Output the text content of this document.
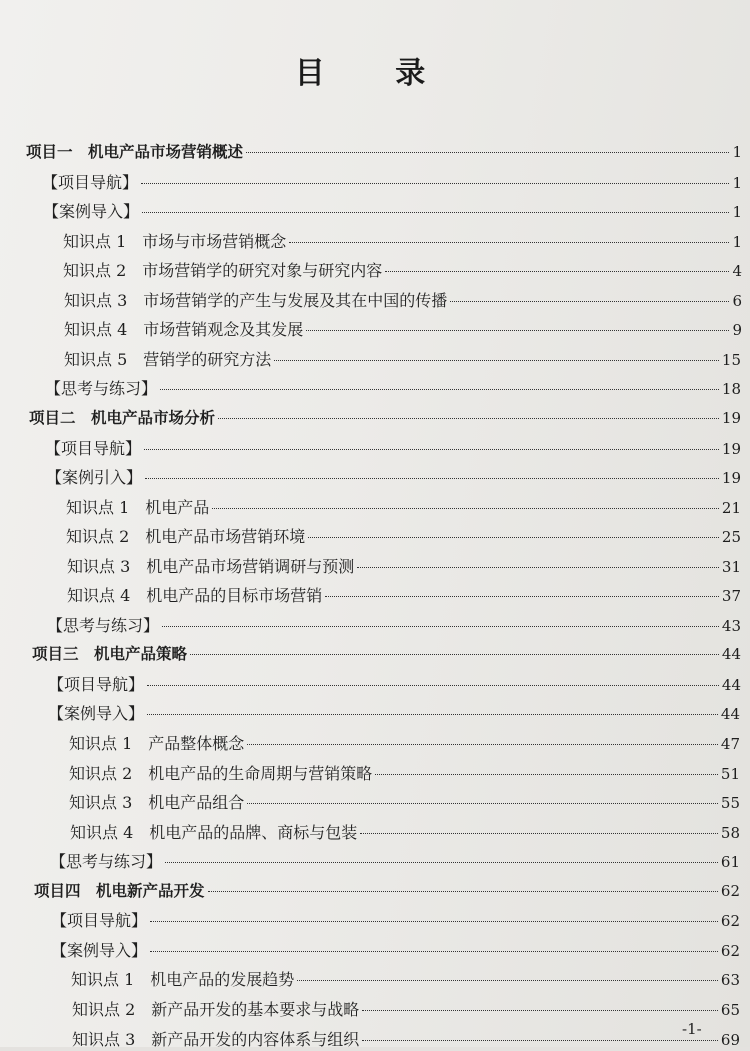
目 录
项目一　机电产品市场营销概述	1
【项目导航】	1
【案例导入】	1
知识点 1　市场与市场营销概念	1
知识点 2　市场营销学的研究对象与研究内容	4
知识点 3　市场营销学的产生与发展及其在中国的传播	6
知识点 4　市场营销观念及其发展	9
知识点 5　营销学的研究方法	15
【思考与练习】	18
项目二　机电产品市场分析	19
【项目导航】	19
【案例引入】	19
知识点 1　机电产品	21
知识点 2　机电产品市场营销环境	25
知识点 3　机电产品市场营销调研与预测	31
知识点 4　机电产品的目标市场营销	37
【思考与练习】	43
项目三　机电产品策略	44
【项目导航】	44
【案例导入】	44
知识点 1　产品整体概念	47
知识点 2　机电产品的生命周期与营销策略	51
知识点 3　机电产品组合	55
知识点 4　机电产品的品牌、商标与包装	58
【思考与练习】	61
项目四　机电新产品开发	62
【项目导航】	62
【案例导入】	62
知识点 1　机电产品的发展趋势	63
知识点 2　新产品开发的基本要求与战略	65
知识点 3　新产品开发的内容体系与组织	69
-1-
